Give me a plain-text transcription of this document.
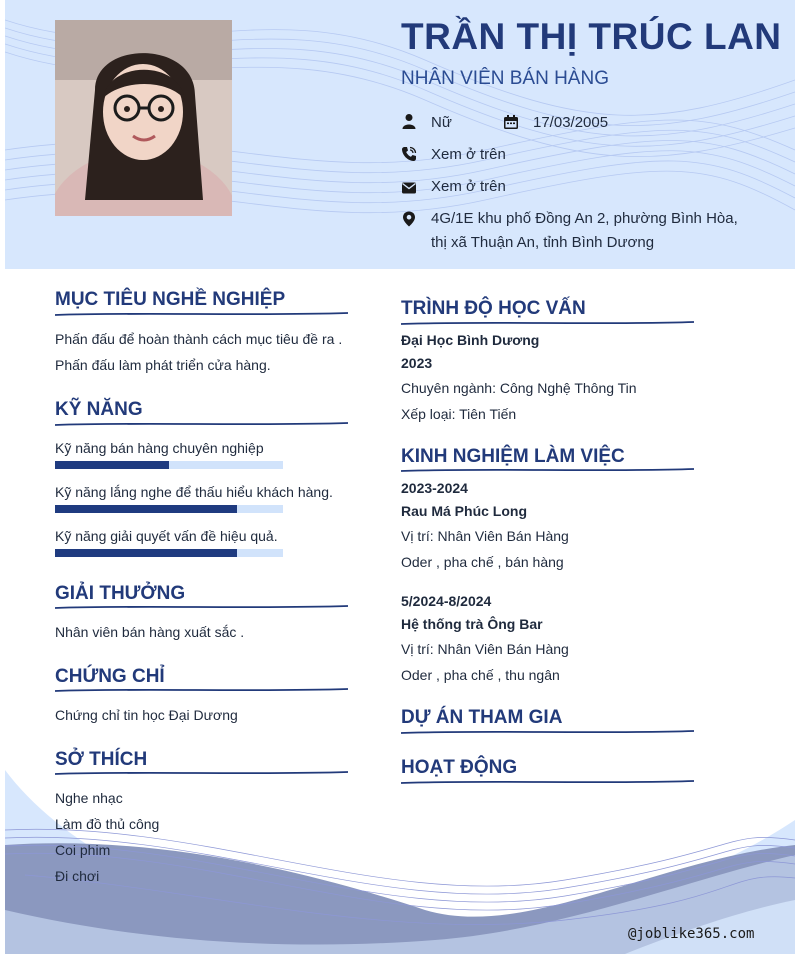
TRẦN THỊ TRÚC LAN
NHÂN VIÊN BÁN HÀNG
Nữ	17/03/2005
Xem ở trên
Xem ở trên
4G/1E khu phố Đồng An 2, phường Bình Hòa,
thị xã Thuận An, tỉnh Bình Dương
@joblike365.com
MỤC TIÊU NGHỀ NGHIỆP
Phấn đấu để hoàn thành cách mục tiêu đề ra .
Phấn đấu làm phát triển cửa hàng.
KỸ NĂNG
Kỹ năng bán hàng chuyên nghiệp
Kỹ năng lắng nghe để thấu hiểu khách hàng.
Kỹ năng giải quyết vấn đề hiệu quả.
GIẢI THƯỞNG
Nhân viên bán hàng xuất sắc .
CHỨNG CHỈ
Chứng chỉ tin học Đại Dương
SỞ THÍCH
Nghe nhạc
Làm đồ thủ công
Coi phim
Đi chơi
TRÌNH ĐỘ HỌC VẤN
Đại Học Bình Dương
2023
Chuyên ngành: Công Nghệ Thông Tin
Xếp loại: Tiên Tiến
KINH NGHIỆM LÀM VIỆC
2023-2024
Rau Má Phúc Long
Vị trí: Nhân Viên Bán Hàng
Oder , pha chế , bán hàng
5/2024-8/2024
Hệ thống trà Ông Bar
Vị trí: Nhân Viên Bán Hàng
Oder , pha chế , thu ngân
DỰ ÁN THAM GIA
HOẠT ĐỘNG
